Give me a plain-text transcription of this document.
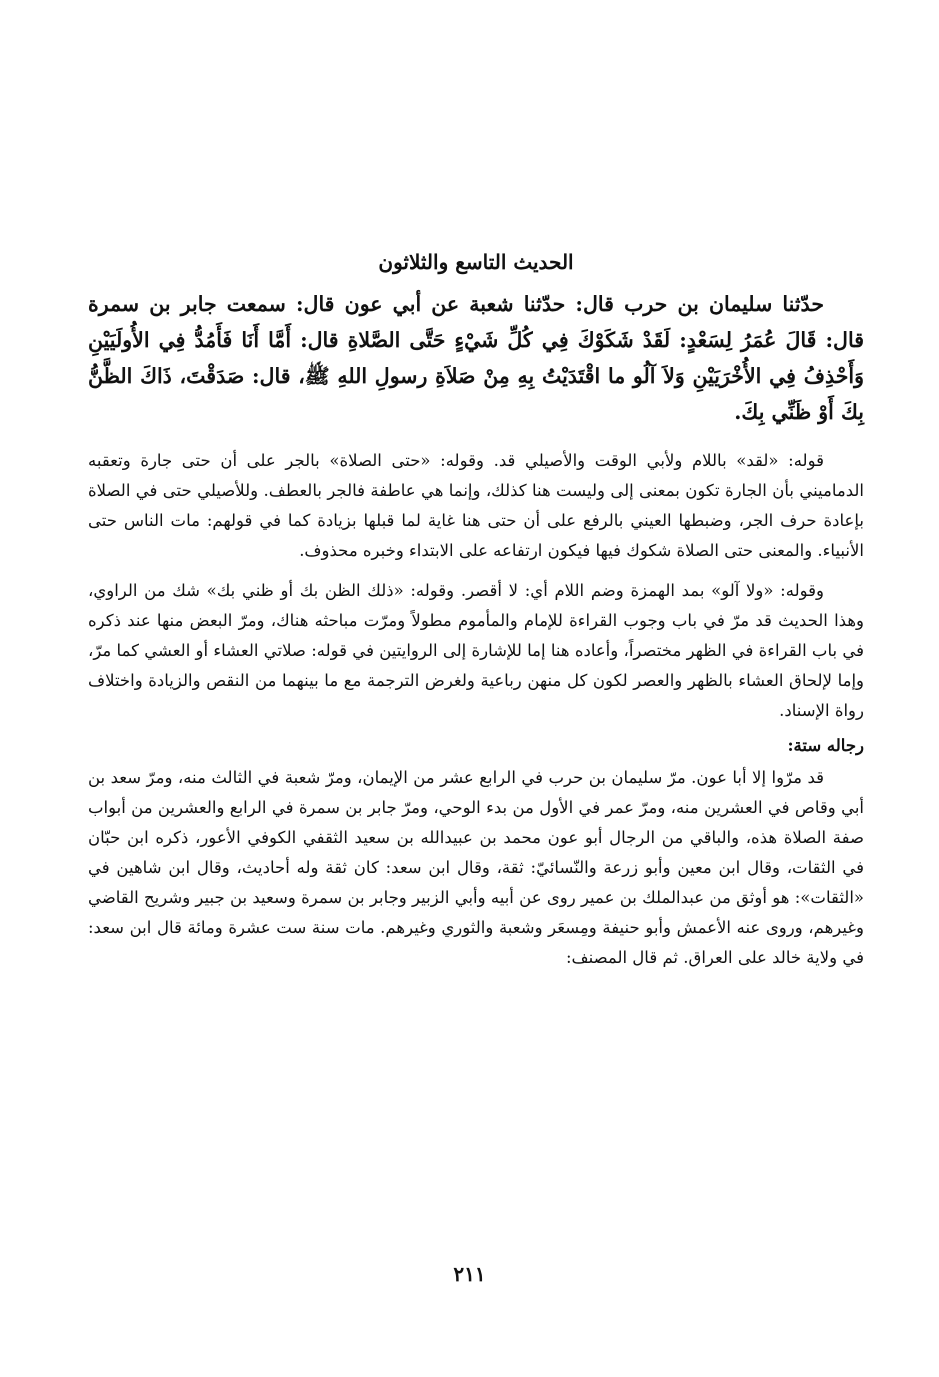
الحديث التاسع والثلاثون

حدّثنا سليمان بن حرب قال: حدّثنا شعبة عن أبي عون قال: سمعت جابر بن سمرة قال: قَالَ عُمَرُ لِسَعْدٍ: لَقَدْ شَكَوْكَ فِي كُلِّ شَيْءٍ حَتَّى الصَّلاةِ قال: أَمَّا أَنَا فَأَمُدُّ فِي الأُولَيَيْنِ وَأَحْذِفُ فِي الأُخْرَيَيْنِ وَلاَ آلُو ما اقْتَدَيْتُ بِهِ مِنْ صَلاَةِ رسولِ اللهِ ﷺ، قال: صَدَقْتَ، ذَاكَ الظَّنُّ بِكَ أَوْ ظَنِّي بِكَ.

قوله: «لقد» باللام ولأبي الوقت والأصيلي قد. وقوله: «حتى الصلاة» بالجر على أن حتى جارة وتعقبه الدماميني بأن الجارة تكون بمعنى إلى وليست هنا كذلك، وإنما هي عاطفة فالجر بالعطف. وللأصيلي حتى في الصلاة بإعادة حرف الجر، وضبطها العيني بالرفع على أن حتى هنا غاية لما قبلها بزيادة كما في قولهم: مات الناس حتى الأنبياء. والمعنى حتى الصلاة شكوك فيها فيكون ارتفاعه على الابتداء وخبره محذوف.

وقوله: «ولا آلو» بمد الهمزة وضم اللام أي: لا أقصر. وقوله: «ذلك الظن بك أو ظني بك» شك من الراوي، وهذا الحديث قد مرّ في باب وجوب القراءة للإمام والمأموم مطولاً ومرّت مباحثه هناك، ومرّ البعض منها عند ذكره في باب القراءة في الظهر مختصراً، وأعاده هنا إما للإشارة إلى الروايتين في قوله: صلاتي العشاء أو العشي كما مرّ، وإما لإلحاق العشاء بالظهر والعصر لكون كل منهن رباعية ولغرض الترجمة مع ما بينهما من النقص والزيادة واختلاف رواة الإسناد.

رجاله ستة:

قد مرّوا إلا أبا عون. مرّ سليمان بن حرب في الرابع عشر من الإيمان، ومرّ شعبة في الثالث منه، ومرّ سعد بن أبي وقاص في العشرين منه، ومرّ عمر في الأول من بدء الوحي، ومرّ جابر بن سمرة في الرابع والعشرين من أبواب صفة الصلاة هذه، والباقي من الرجال أبو عون محمد بن عبيدالله بن سعيد الثقفي الكوفي الأعور، ذكره ابن حبّان في الثقات، وقال ابن معين وأبو زرعة والنّسائيّ: ثقة، وقال ابن سعد: كان ثقة وله أحاديث، وقال ابن شاهين في «الثقات»: هو أوثق من عبدالملك بن عمير روى عن أبيه وأبي الزبير وجابر بن سمرة وسعيد بن جبير وشريح القاضي وغيرهم، وروى عنه الأعمش وأبو حنيفة ومِسعَر وشعبة والثوري وغيرهم. مات سنة ست عشرة ومائة قال ابن سعد: في ولاية خالد على العراق. ثم قال المصنف:

٢١١
